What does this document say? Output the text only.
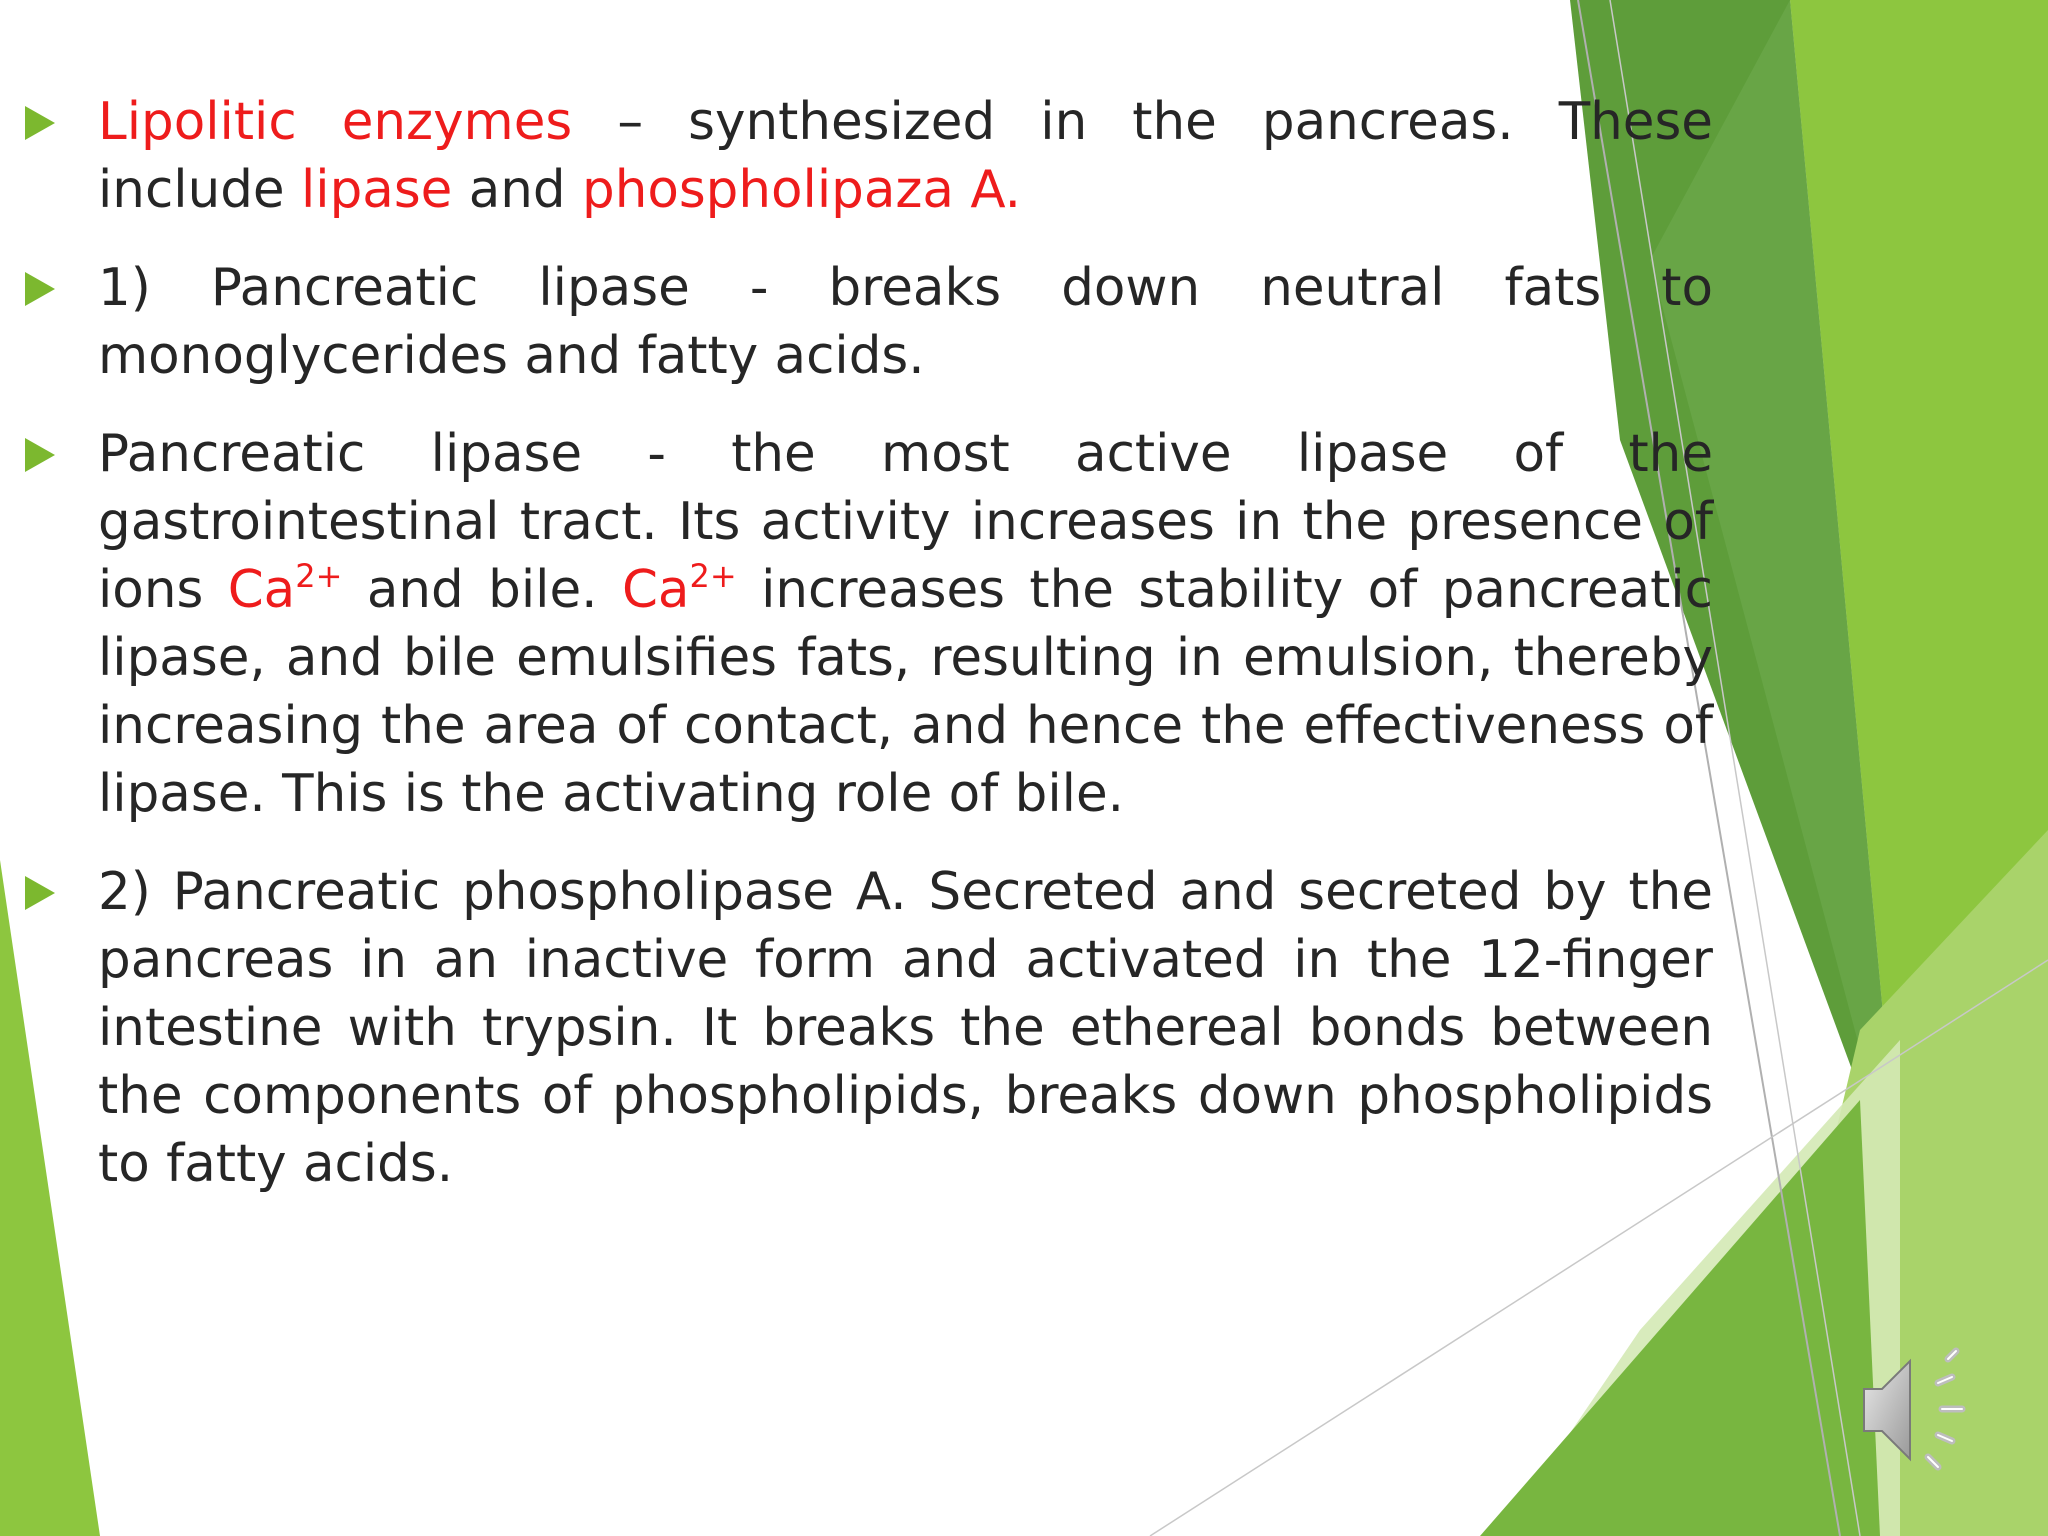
Lipolitic enzymes – synthesized in the pancreas. These include lipase and phospholipaza A.
1) Pancreatic lipase - breaks down neutral fats to monoglycerides and fatty acids.
Pancreatic lipase - the most active lipase of the gastrointestinal tract. Its activity increases in the presence of ions $Ca^{2+}$ and bile. $Ca^{2+}$ increases the stability of pancreatic lipase, and bile emulsifies fats, resulting in emulsion, thereby increasing the area of contact, and hence the effectiveness of lipase. This is the activating role of bile.
2) Pancreatic phospholipase A. Secreted and secreted by the pancreas in an inactive form and activated in the 12-finger intestine with trypsin. It breaks the ethereal bonds between the components of phospholipids, breaks down phospholipids to fatty acids.
